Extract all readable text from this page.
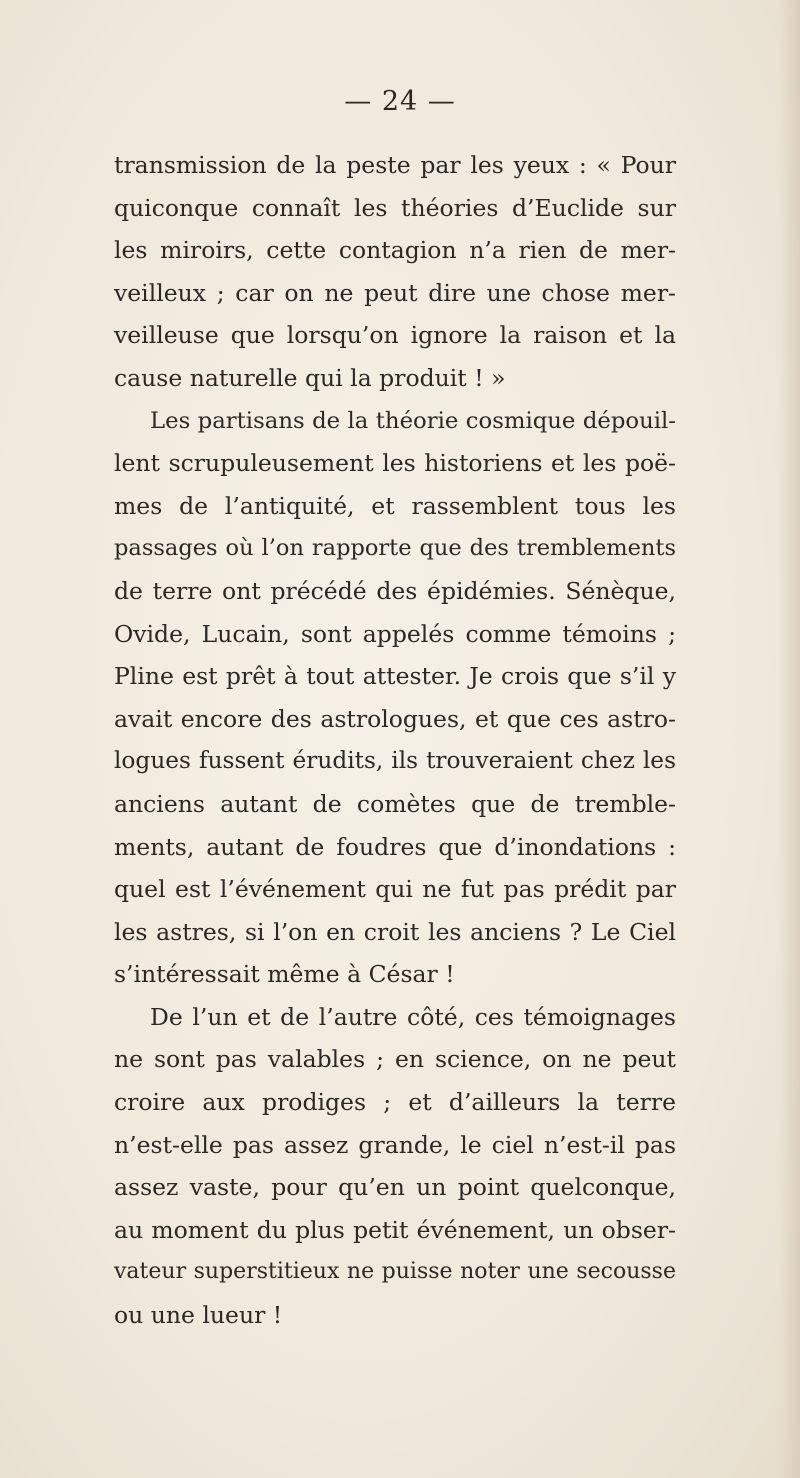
— 24 —
transmission de la peste par les yeux : « Pour
quiconque connaît les théories d’Euclide sur
les miroirs, cette contagion n’a rien de mer-
veilleux ; car on ne peut dire une chose mer-
veilleuse que lorsqu’on ignore la raison et la
cause naturelle qui la produit ! »
Les partisans de la théorie cosmique dépouil-
lent scrupuleusement les historiens et les poë-
mes de l’antiquité, et rassemblent tous les
passages où l’on rapporte que des tremblements
de terre ont précédé des épidémies. Sénèque,
Ovide, Lucain, sont appelés comme témoins ;
Pline est prêt à tout attester. Je crois que s’il y
avait encore des astrologues, et que ces astro-
logues fussent érudits, ils trouveraient chez les
anciens autant de comètes que de tremble-
ments, autant de foudres que d’inondations :
quel est l’événement qui ne fut pas prédit par
les astres, si l’on en croit les anciens ? Le Ciel
s’intéressait même à César !
De l’un et de l’autre côté, ces témoignages
ne sont pas valables ; en science, on ne peut
croire aux prodiges ; et d’ailleurs la terre
n’est-elle pas assez grande, le ciel n’est-il pas
assez vaste, pour qu’en un point quelconque,
au moment du plus petit événement, un obser-
vateur superstitieux ne puisse noter une secousse
ou une lueur !
